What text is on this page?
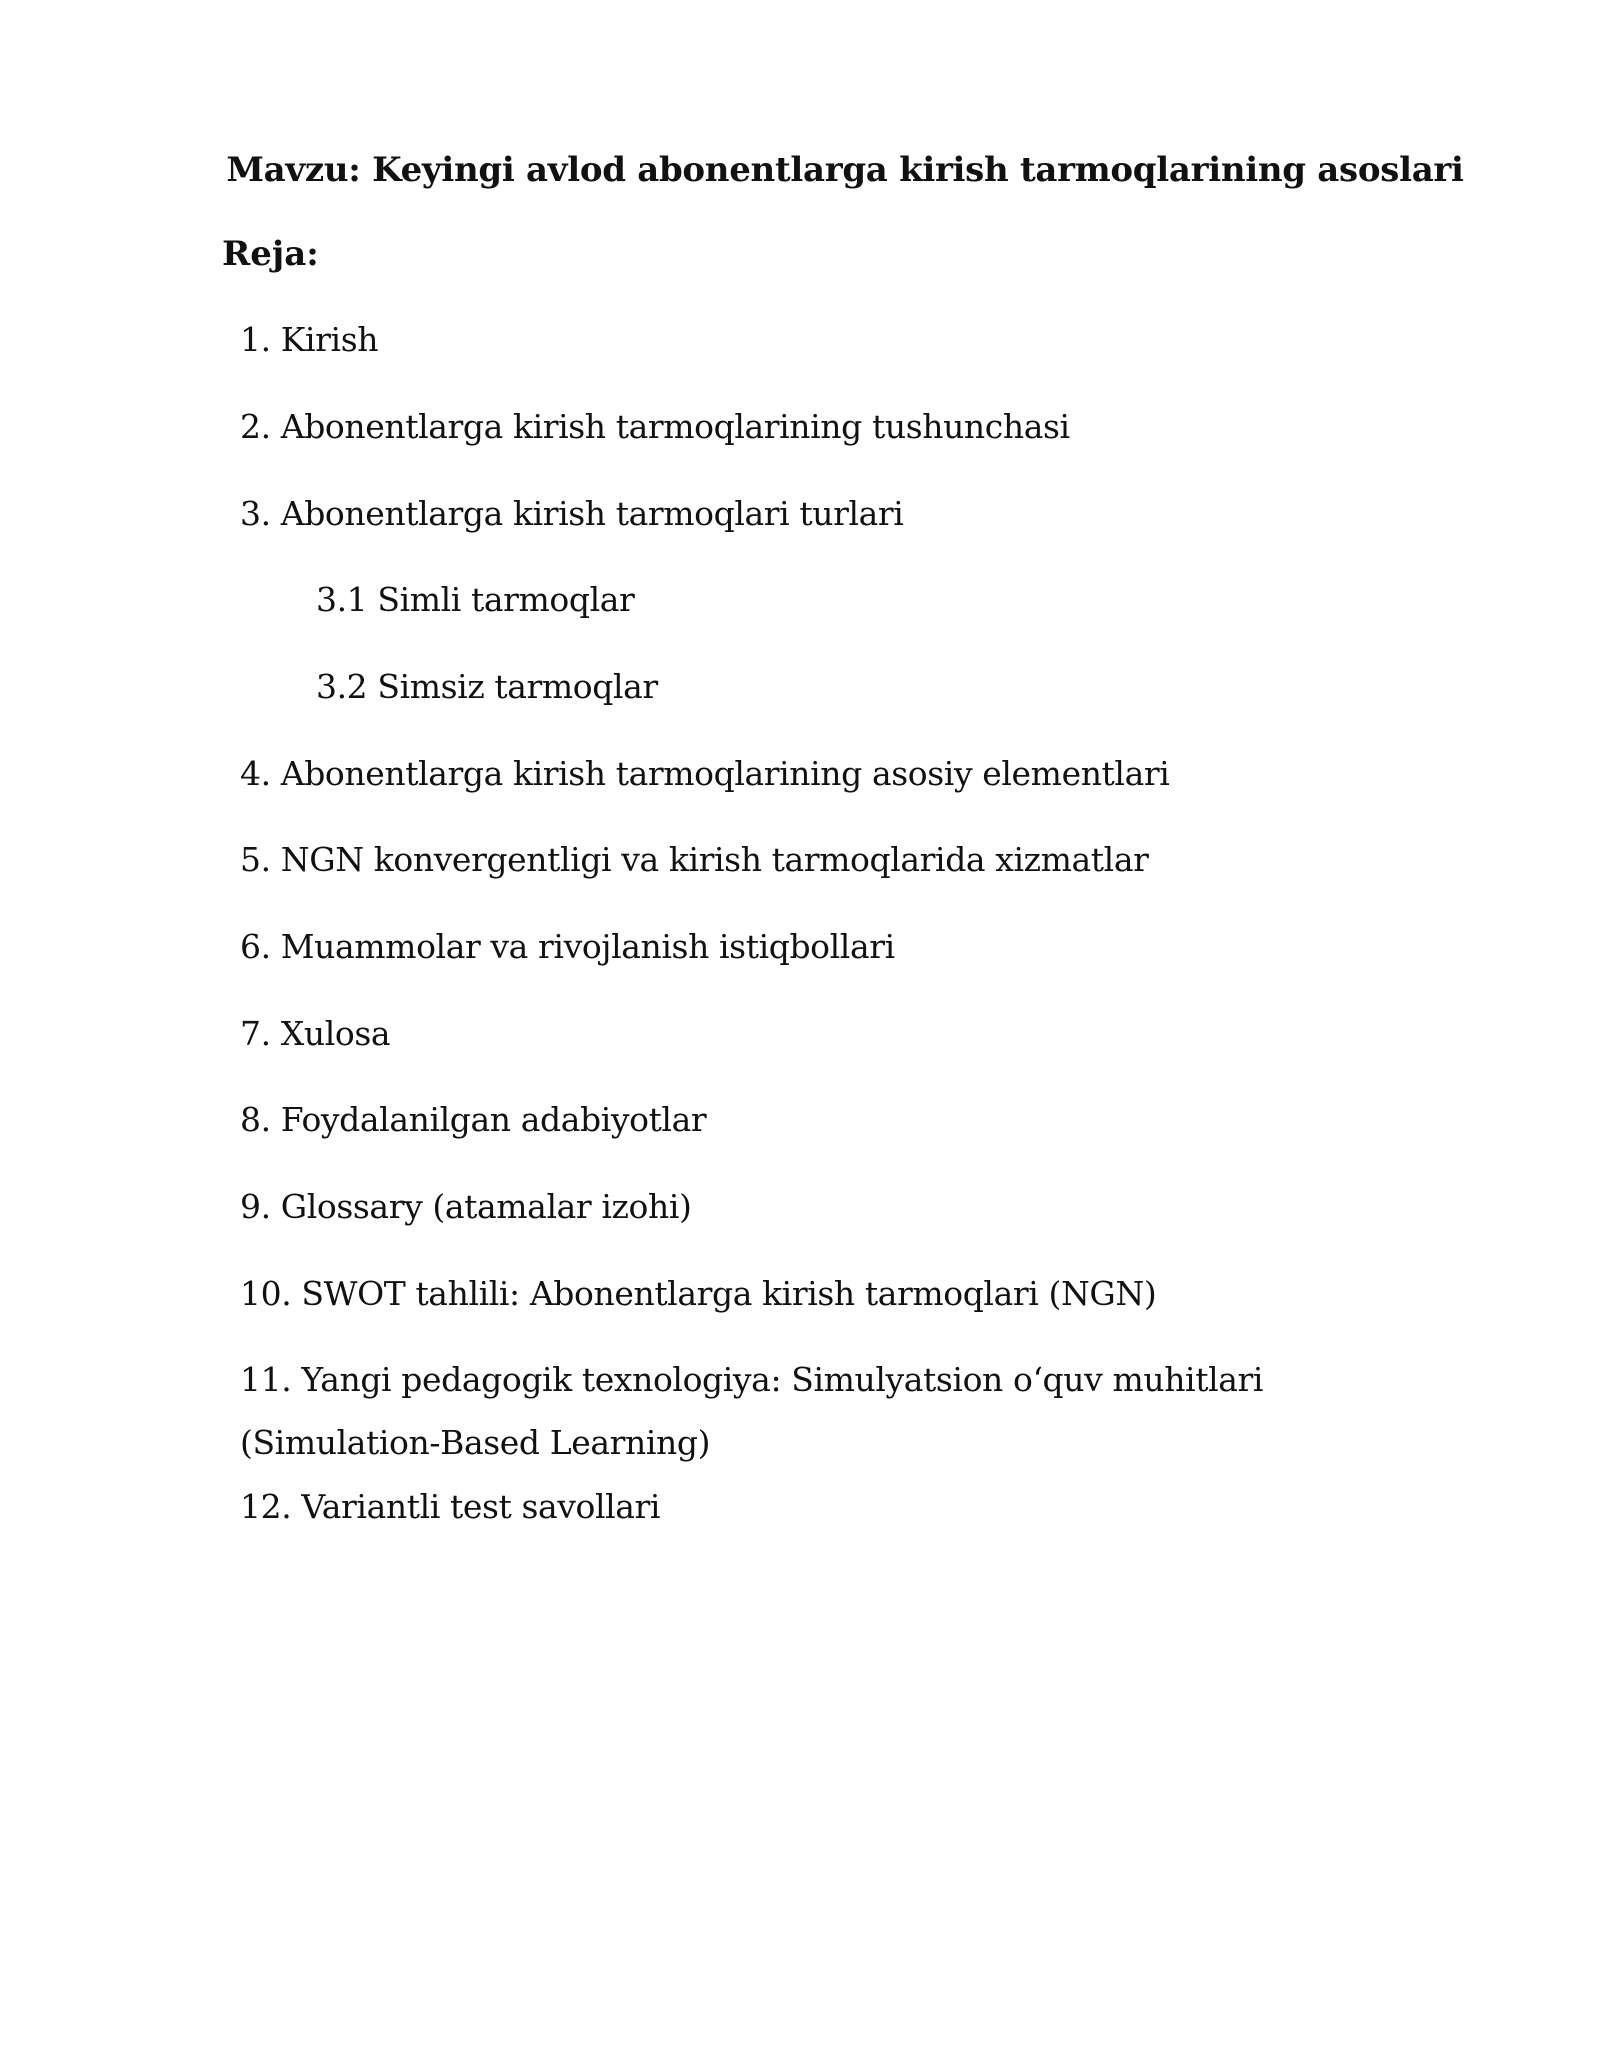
Mavzu: Keyingi avlod abonentlarga kirish tarmoqlarining asoslari
Reja:
1. Kirish
2. Abonentlarga kirish tarmoqlarining tushunchasi
3. Abonentlarga kirish tarmoqlari turlari
3.1 Simli tarmoqlar
3.2 Simsiz tarmoqlar
4. Abonentlarga kirish tarmoqlarining asosiy elementlari
5. NGN konvergentligi va kirish tarmoqlarida xizmatlar
6. Muammolar va rivojlanish istiqbollari
7. Xulosa
8. Foydalanilgan adabiyotlar
9. Glossary (atamalar izohi)
10. SWOT tahlili: Abonentlarga kirish tarmoqlari (NGN)
11. Yangi pedagogik texnologiya: Simulyatsion o‘quv muhitlari (Simulation-Based Learning)
12. Variantli test savollari
